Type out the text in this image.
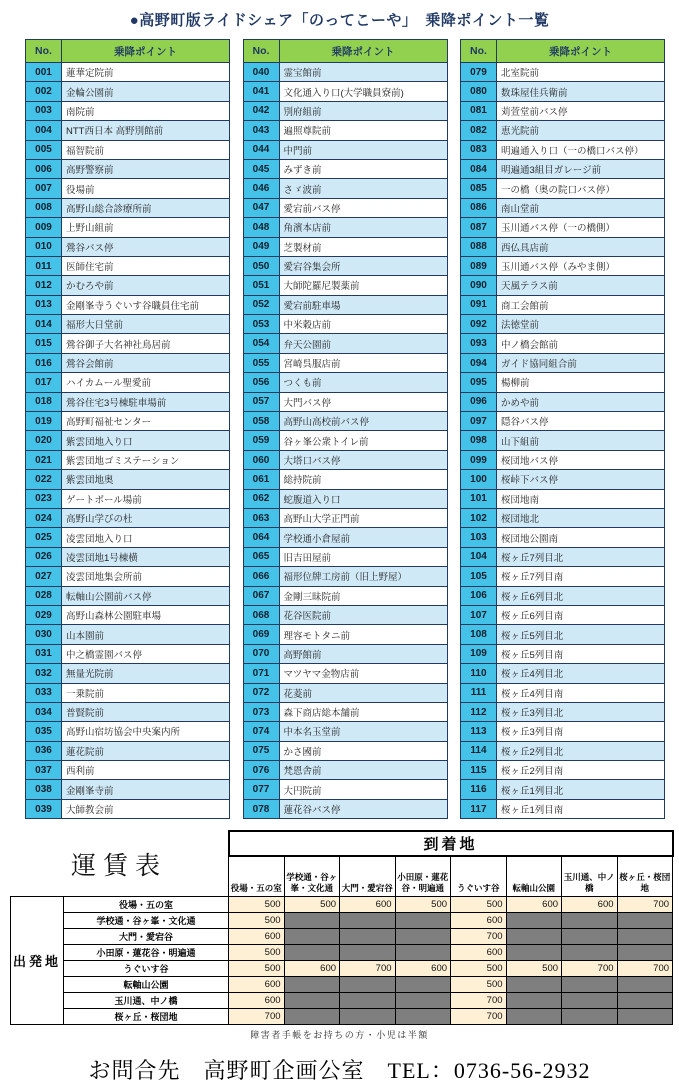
●高野町版ライドシェア「のってこーや」　乗降ポイント一覧
No.	乗降ポイント
001	蓮華定院前
002	金輪公園前
003	南院前
004	NTT西日本 高野別館前
005	福智院前
006	高野警察前
007	役場前
008	高野山総合診療所前
009	上野山組前
010	鶯谷バス停
011	医師住宅前
012	かむろや前
013	金剛峯寺うぐいす谷職員住宅前
014	福形大日堂前
015	鶯谷御子大名神社鳥居前
016	鶯谷会館前
017	ハイカムール聖愛前
018	鶯谷住宅3号棟駐車場前
019	高野町福祉センター
020	紫雲団地入り口
021	紫雲団地ゴミステーション
022	紫雲団地奥
023	ゲートボール場前
024	高野山学びの杜
025	凌雲団地入り口
026	凌雲団地1号棟横
027	凌雲団地集会所前
028	転軸山公園前バス停
029	高野山森林公園駐車場
030	山本園前
031	中之橋霊園バス停
032	無量光院前
033	一乗院前
034	普賢院前
035	高野山宿坊協会中央案内所
036	蓮花院前
037	西利前
038	金剛峯寺前
039	大師教会前
No.	乗降ポイント
040	霊宝館前
041	文化通入り口(大学職員寮前)
042	別府組前
043	遍照尊院前
044	中門前
045	みずき前
046	さゞ波前
047	愛宕前バス停
048	角濱本店前
049	芝製材前
050	愛宕谷集会所
051	大師陀羅尼製薬前
052	愛宕前駐車場
053	中米穀店前
054	弁天公園前
055	宮崎呉服店前
056	つくも前
057	大門バス停
058	高野山高校前バス停
059	谷ヶ峯公衆トイレ前
060	大塔口バス停
061	総持院前
062	蛇腹道入り口
063	高野山大学正門前
064	学校通小倉屋前
065	旧吉田屋前
066	福形位牌工房前（旧上野屋）
067	金剛三昧院前
068	花谷医院前
069	理容モトタニ前
070	高野館前
071	マツヤマ金物店前
072	花菱前
073	森下商店総本舗前
074	中本名玉堂前
075	かさ國前
076	梵恩舎前
077	大円院前
078	蓮花谷バス停
No.	乗降ポイント
079	北室院前
080	数珠屋佳兵衛前
081	苅萱堂前バス停
082	恵光院前
083	明遍通入り口（一の橋口バス停）
084	明遍通3組目ガレージ前
085	一の橋（奥の院口バス停）
086	南山堂前
087	玉川通バス停（一の橋側）
088	西仏具店前
089	玉川通バス停（みやま側）
090	天風テラス前
091	商工会館前
092	法徳堂前
093	中ノ橋会館前
094	ガイド協同組合前
095	楊柳前
096	かめや前
097	隠谷バス停
098	山下組前
099	桜団地バス停
100	桜峠下バス停
101	桜団地南
102	桜団地北
103	桜団地公園南
104	桜ヶ丘7列目北
105	桜ヶ丘7列目南
106	桜ヶ丘6列目北
107	桜ヶ丘6列目南
108	桜ヶ丘5列目北
109	桜ヶ丘5列目南
110	桜ヶ丘4列目北
111	桜ヶ丘4列目南
112	桜ヶ丘3列目北
113	桜ヶ丘3列目南
114	桜ヶ丘2列目北
115	桜ヶ丘2列目南
116	桜ヶ丘1列目北
117	桜ヶ丘1列目南
運賃表		到着地							
		役場・五の室	学校通・谷ヶ峯・文化通	大門・愛宕谷	小田原・蓮花谷・明遍通	うぐいす谷	転軸山公園	玉川通、中ノ橋	桜ヶ丘・桜団地
出発地	役場・五の室	500	500	600	500	500	600	600	700
	学校通・谷ヶ峯・文化通	500				600			
	大門・愛宕谷	600				700			
	小田原・蓮花谷・明遍通	500				600			
	うぐいす谷	500	600	700	600	500	500	700	700
	転軸山公園	600				500			
	玉川通、中ノ橋	600				700			
	桜ヶ丘・桜団地	700				700			
障害者手帳をお持ちの方・小児は半額
お問合先　高野町企画公室　TEL：0736-56-2932
